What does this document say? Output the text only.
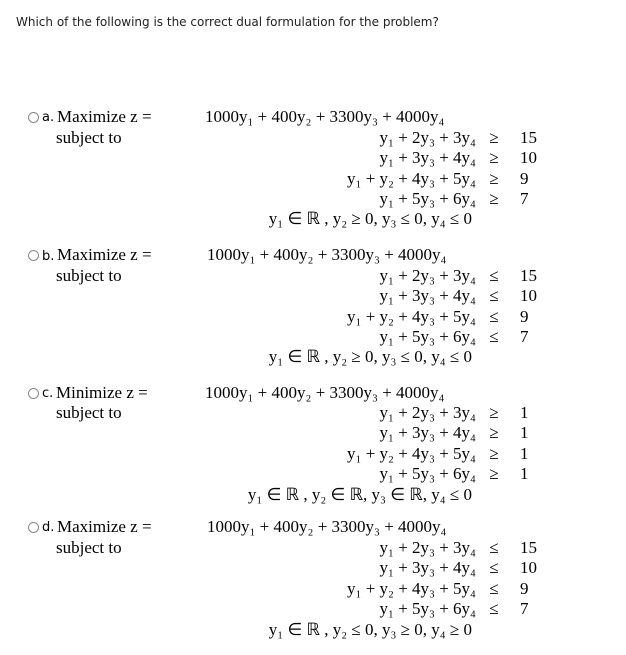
Which of the following is the correct dual formulation for the problem?
a. Maximize z =
subject to
1000y₁ + 400y₂ + 3300y₃ + 4000y₄
y₁ + 2y₃ + 3y₄ ≥ 15
y₁ + 3y₃ + 4y₄ ≥ 10
y₁ + y₂ + 4y₃ + 5y₄ ≥ 9
y₁ + 5y₃ + 6y₄ ≥ 7
y₁ ∈ ℝ , y₂ ≥ 0, y₃ ≤ 0, y₄ ≤ 0
b. Maximize z =
subject to
1000y₁ + 400y₂ + 3300y₃ + 4000y₄
y₁ + 2y₃ + 3y₄ ≤ 15
y₁ + 3y₃ + 4y₄ ≤ 10
y₁ + y₂ + 4y₃ + 5y₄ ≤ 9
y₁ + 5y₃ + 6y₄ ≤ 7
y₁ ∈ ℝ , y₂ ≥ 0, y₃ ≤ 0, y₄ ≤ 0
c. Minimize z =
subject to
1000y₁ + 400y₂ + 3300y₃ + 4000y₄
y₁ + 2y₃ + 3y₄ ≥ 1
y₁ + 3y₃ + 4y₄ ≥ 1
y₁ + y₂ + 4y₃ + 5y₄ ≥ 1
y₁ + 5y₃ + 6y₄ ≥ 1
y₁ ∈ ℝ , y₂ ∈ ℝ, y₃ ∈ ℝ, y₄ ≤ 0
d. Maximize z =
subject to
1000y₁ + 400y₂ + 3300y₃ + 4000y₄
y₁ + 2y₃ + 3y₄ ≤ 15
y₁ + 3y₃ + 4y₄ ≤ 10
y₁ + y₂ + 4y₃ + 5y₄ ≤ 9
y₁ + 5y₃ + 6y₄ ≤ 7
y₁ ∈ ℝ , y₂ ≤ 0, y₃ ≥ 0, y₄ ≥ 0
